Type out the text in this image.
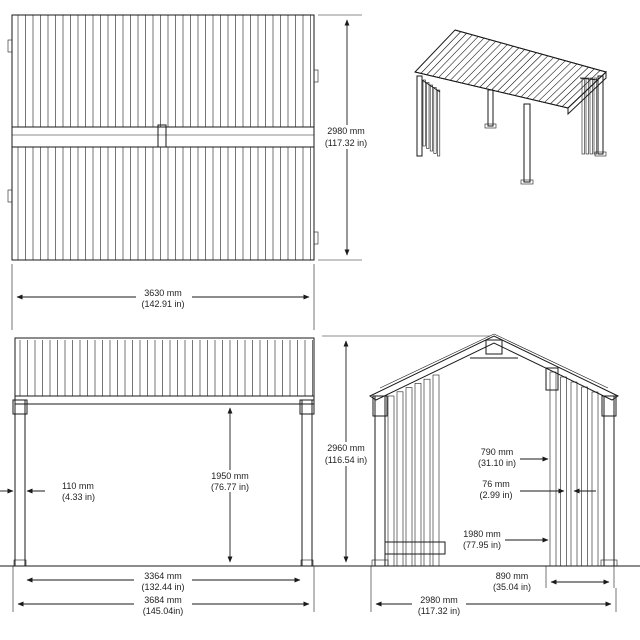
2980 mm
(117.32 in)
3630 mm
(142.91 in)
1950 mm
(76.77 in)
110 mm
(4.33 in)
3364 mm
(132.44 in)
3684 mm
(145.04in)
2960 mm
(116.54 in)
790 mm
(31.10 in)
76 mm
(2.99 in)
1980 mm
(77.95 in)
890 mm
(35.04 in)
2980 mm
(117.32 in)
